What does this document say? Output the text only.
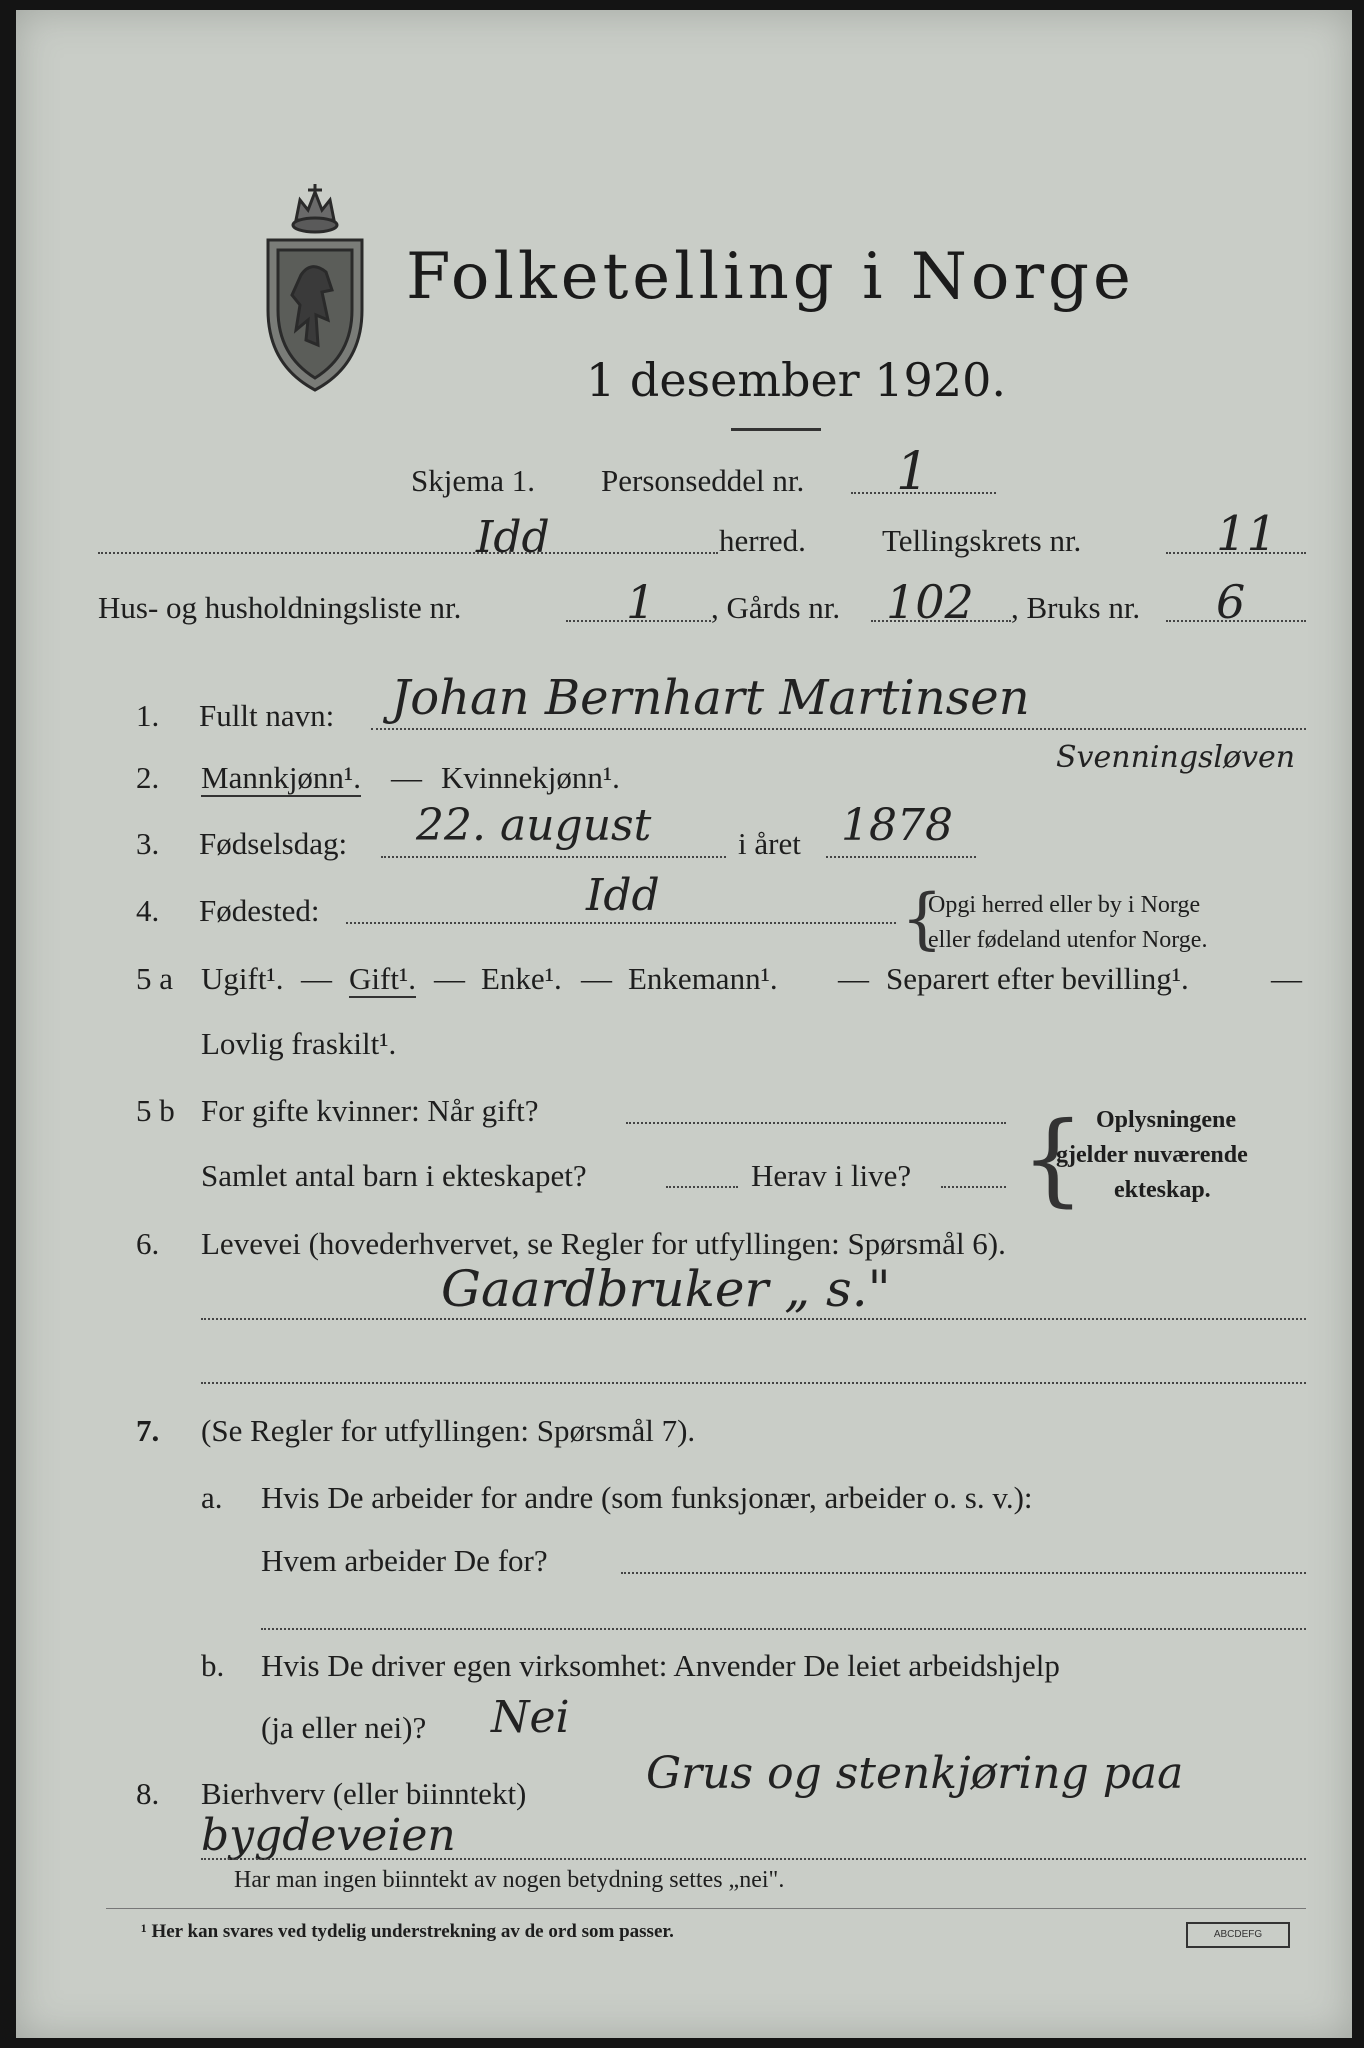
Folketelling i Norge
1 desember 1920.
Skjema 1. Personseddel nr. 1
Idd	herred. Tellingskrets nr.	11
Hus- og husholdningsliste nr.	1 , Gårds nr. 102 , Bruks nr. 6
1. Fullt navn: Johan Bernhart Martinsen
Svenningsløven
2. Mannkjønn¹. — Kvinnekjønn¹.
3. Fødselsdag: 22. august	i året 1878
4. Fødested:	Idd	{
Opgi herred eller by i Norge
eller fødeland utenfor Norge.
5 a Ugift¹. — Gift¹. — Enke¹. — Enkemann¹. — Separert efter bevilling¹.	—
Lovlig fraskilt¹.
5 b For gifte kvinner: Når gift?
Samlet antal barn i ekteskapet?	Herav i live? { Oplysningene
gjelder nuværende
ekteskap.
6. Levevei (hovederhvervet, se Regler for utfyllingen: Spørsmål 6).
Gaardbruker „ s."
7. (Se Regler for utfyllingen: Spørsmål 7).
a. Hvis De arbeider for andre (som funksjonær, arbeider o. s. v.):
Hvem arbeider De for?
b. Hvis De driver egen virksomhet: Anvender De leiet arbeidshjelp
(ja eller nei)? Nei
8. Bierhverv (eller biinntekt)	Grus og stenkjøring paa
bygdeveien
Har man ingen biinntekt av nogen betydning settes „nei".
¹ Her kan svares ved tydelig understrekning av de ord som passer.	ABCDEFG
